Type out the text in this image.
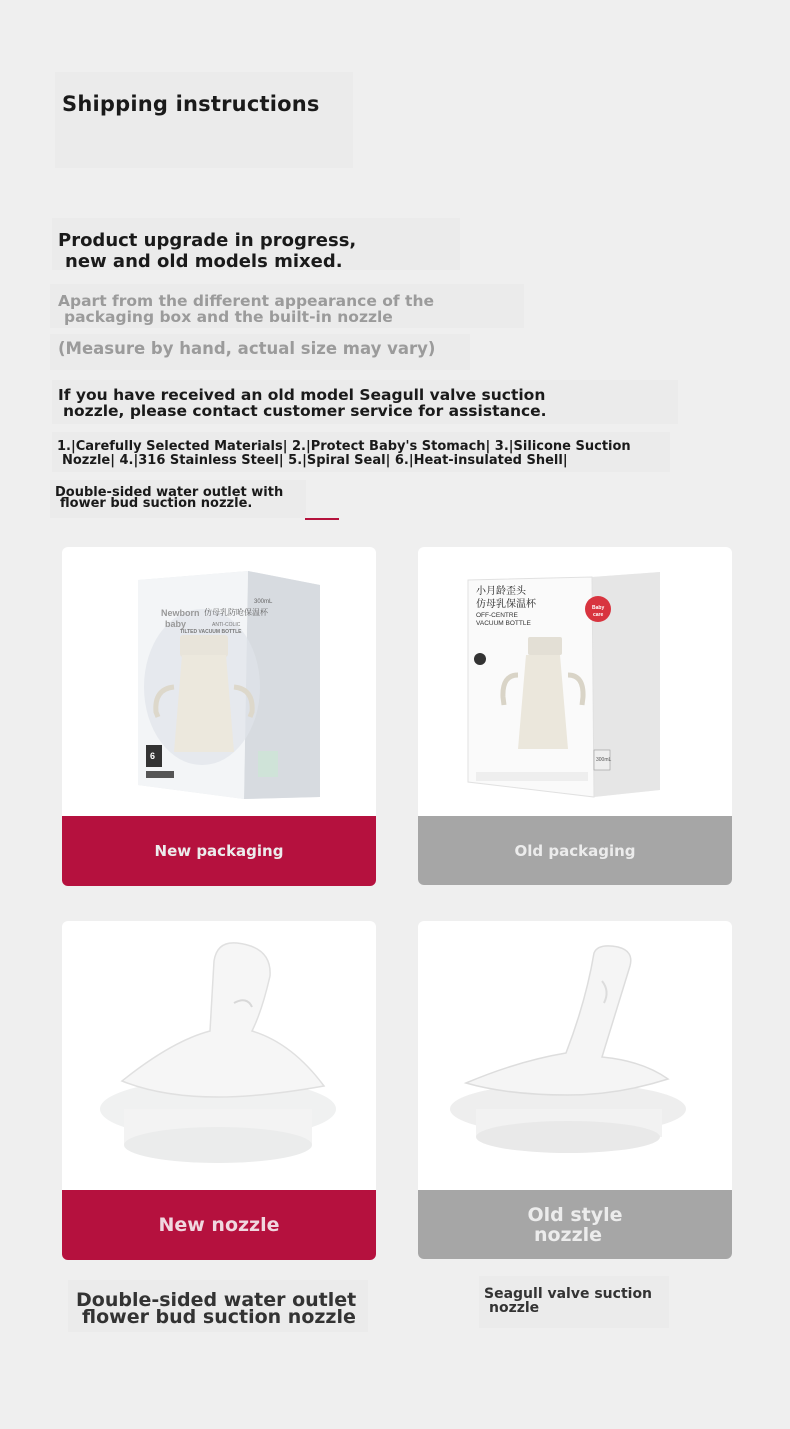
Shipping instructions
Product upgrade in progress,
new and old models mixed.
Apart from the different appearance of the
packaging box and the built-in nozzle
(Measure by hand, actual size may vary)
If you have received an old model Seagull valve suction
nozzle, please contact customer service for assistance.
1.|Carefully Selected Materials| 2.|Protect Baby's Stomach| 3.|Silicone Suction
Nozzle| 4.|316 Stainless Steel| 5.|Spiral Seal| 6.|Heat-insulated Shell|
Double-sided water outlet with
flower bud suction nozzle.
Newborn
baby
仿母乳防呛保温杯
ANTI-COLIC
TILTED VACUUM BOTTLE
300mL
6
New packaging
小月龄歪头
仿母乳保温杯
OFF-CENTRE
VACUUM BOTTLE
Baby
care
300mL
Old packaging
New nozzle	Old style
nozzle
Double-sided water outlet
flower bud suction nozzle
Seagull valve suction
nozzle
